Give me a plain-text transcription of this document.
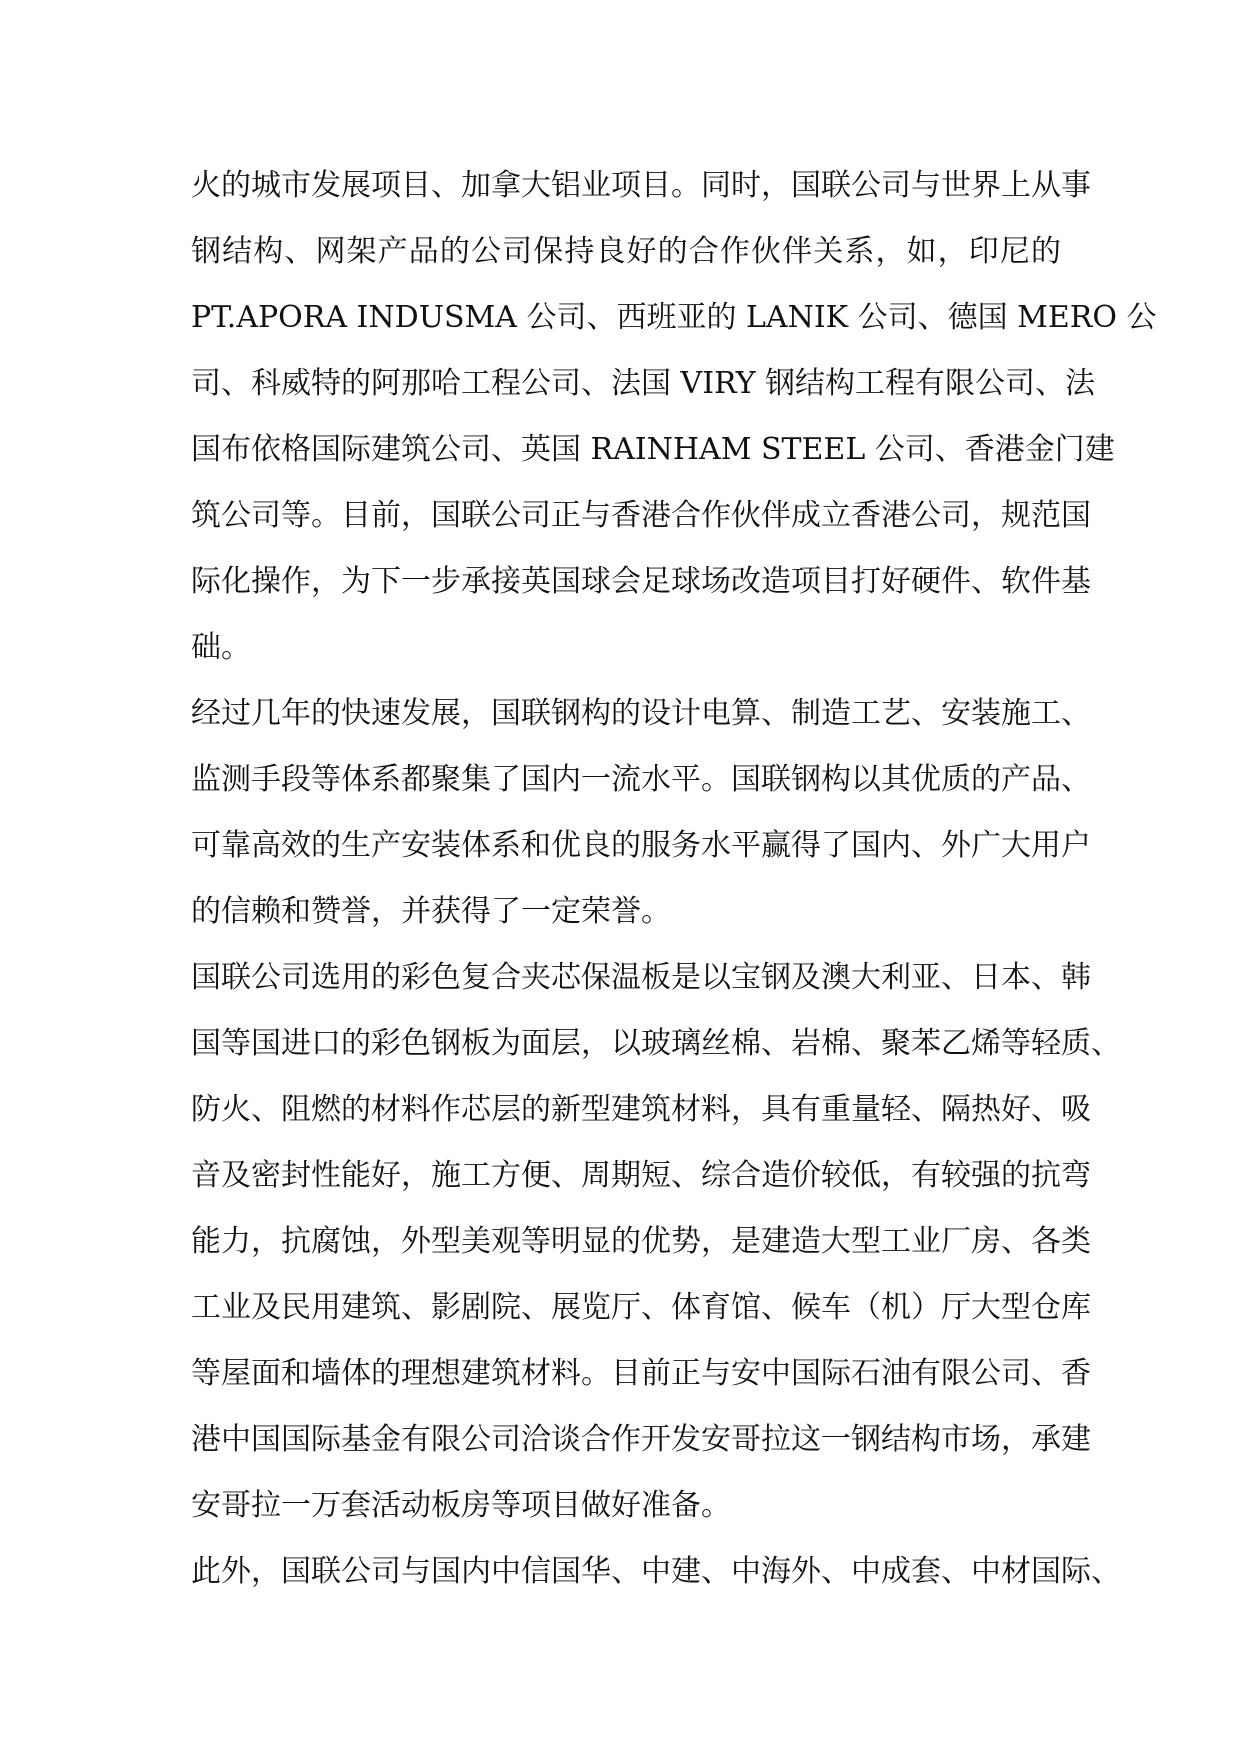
火的城市发展项目、加拿大铝业项目。同时，国联公司与世界上从事
钢结构、网架产品的公司保持良好的合作伙伴关系，如，印尼的
PT.APORA INDUSMA 公司、西班亚的 LANIK 公司、德国 MERO 公
司、科威特的阿那哈工程公司、法国 VIRY 钢结构工程有限公司、法
国布依格国际建筑公司、英国 RAINHAM STEEL 公司、香港金门建
筑公司等。目前，国联公司正与香港合作伙伴成立香港公司，规范国
际化操作，为下一步承接英国球会足球场改造项目打好硬件、软件基
础。
经过几年的快速发展，国联钢构的设计电算、制造工艺、安装施工、
监测手段等体系都聚集了国内一流水平。国联钢构以其优质的产品、
可靠高效的生产安装体系和优良的服务水平赢得了国内、外广大用户
的信赖和赞誉，并获得了一定荣誉。
国联公司选用的彩色复合夹芯保温板是以宝钢及澳大利亚、日本、韩
国等国进口的彩色钢板为面层，以玻璃丝棉、岩棉、聚苯乙烯等轻质、
防火、阻燃的材料作芯层的新型建筑材料，具有重量轻、隔热好、吸
音及密封性能好，施工方便、周期短、综合造价较低，有较强的抗弯
能力，抗腐蚀，外型美观等明显的优势，是建造大型工业厂房、各类
工业及民用建筑、影剧院、展览厅、体育馆、候车（机）厅大型仓库
等屋面和墙体的理想建筑材料。目前正与安中国际石油有限公司、香
港中国国际基金有限公司洽谈合作开发安哥拉这一钢结构市场，承建
安哥拉一万套活动板房等项目做好准备。
此外，国联公司与国内中信国华、中建、中海外、中成套、中材国际、
